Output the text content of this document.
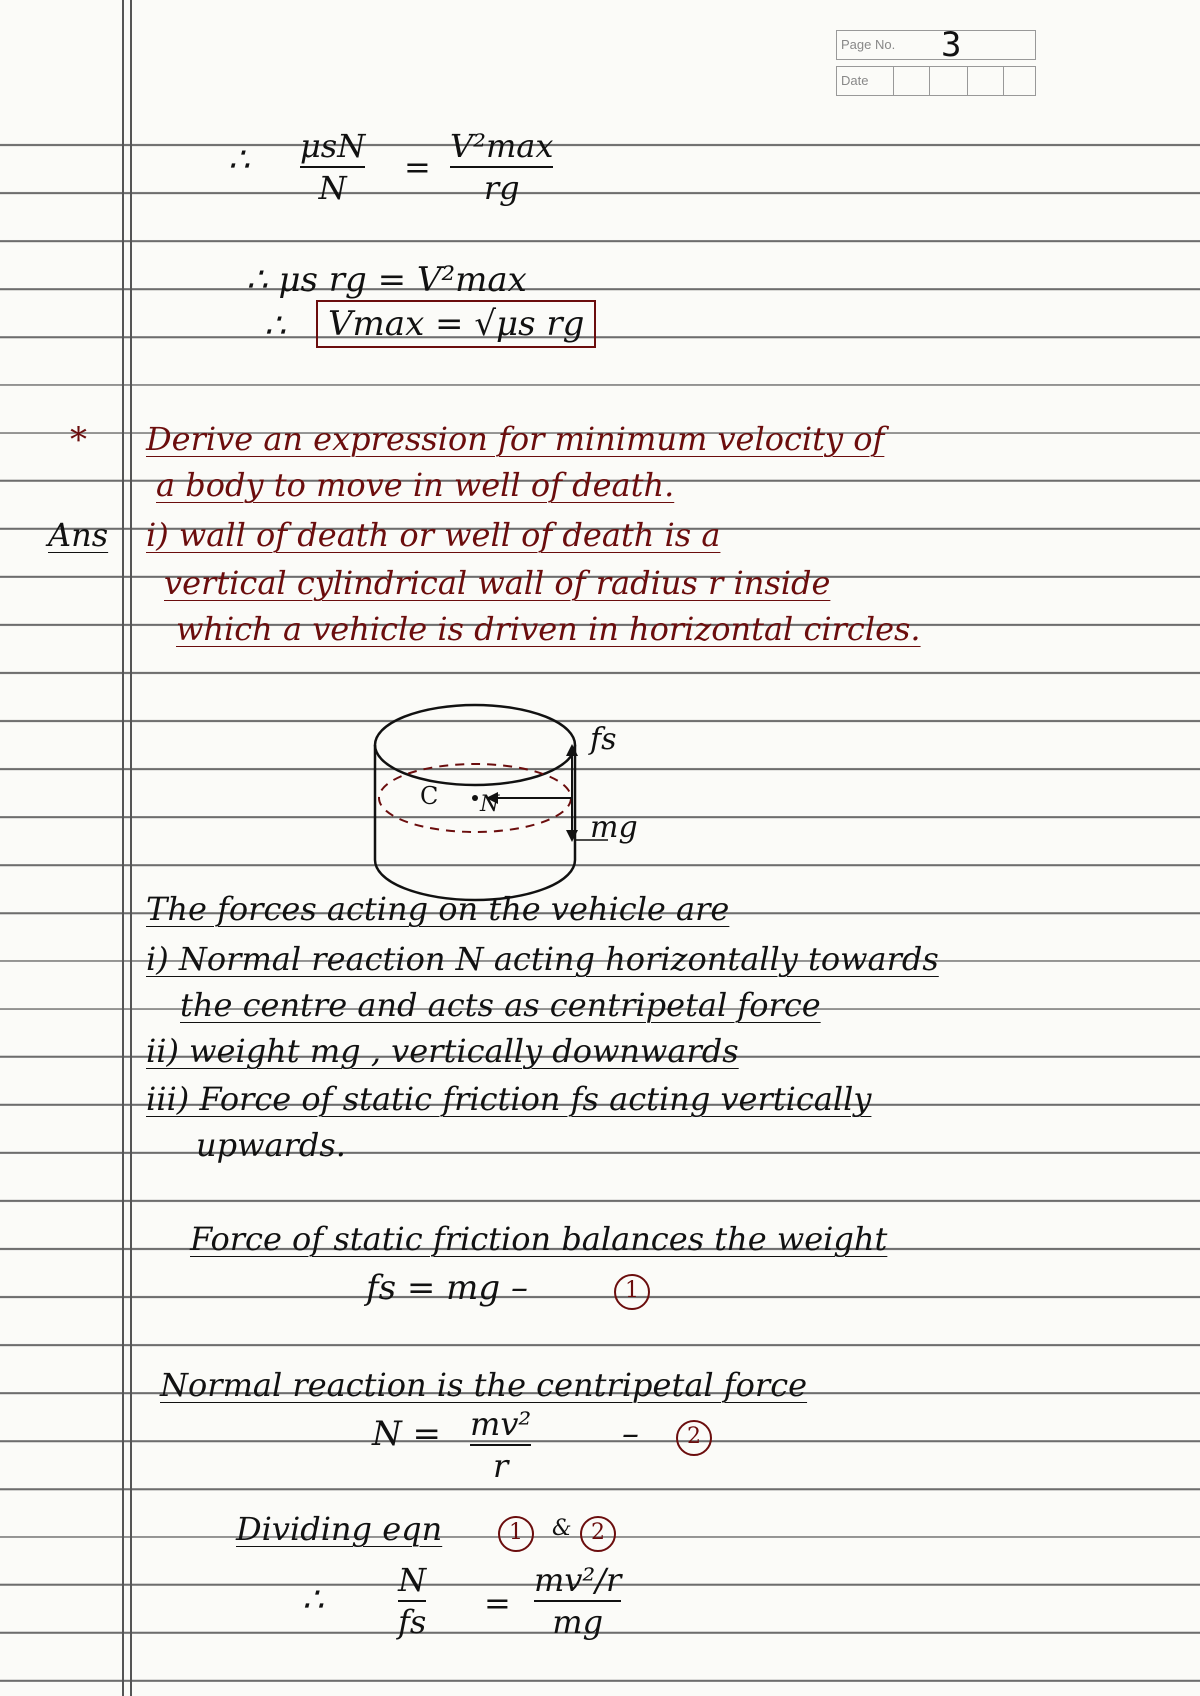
Page No. 3
Date
∴ μsN
N
=
V²max
rg
∴ μs rg = V²max
∴	Vmax = √μs rg
* Derive an expression for minimum velocity of
a body to move in well of death.
Ans i) wall of death or well of death is a
vertical cylindrical wall of radius r inside
which a vehicle is driven in horizontal circles.
fs
mg
C N
The forces acting on the vehicle are
i) Normal reaction N acting horizontally towards
the centre and acts as centripetal force
ii) weight mg , vertically downwards
iii) Force of static friction fs acting vertically
upwards.
Force of static friction balances the weight
fs = mg –	1
Normal reaction is the centripetal force
N = mv²
r
–	2
Dividing eqn	1	& 2
∴ N
fs =
mv²/r
mg
